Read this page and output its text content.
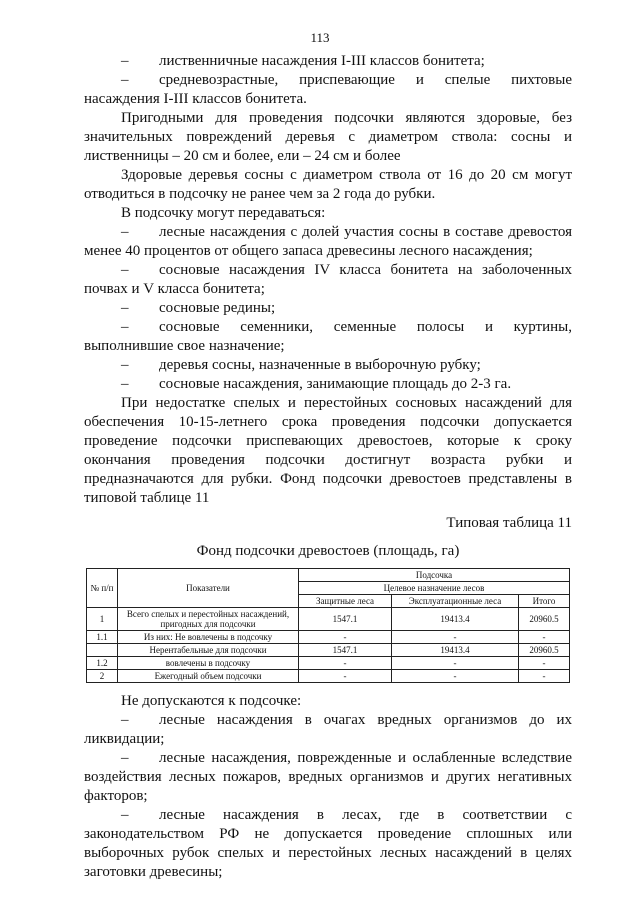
113

– лиственничные насаждения I-III классов бонитета;

– средневозрастные, приспевающие и спелые пихтовые насаждения I-III классов бонитета.

Пригодными для проведения подсочки являются здоровые, без значительных повреждений деревья с диаметром ствола: сосны и лиственницы – 20 см и более, ели – 24 см и более

Здоровые деревья сосны с диаметром ствола от 16 до 20 см могут отводиться в подсочку не ранее чем за 2 года до рубки.

В подсочку могут передаваться:

– лесные насаждения с долей участия сосны в составе древостоя менее 40 процентов от общего запаса древесины лесного насаждения;

– сосновые насаждения IV класса бонитета на заболоченных почвах и V класса бонитета;

– сосновые редины;

– сосновые семенники, семенные полосы и куртины, выполнившие свое назначение;

– деревья сосны, назначенные в выборочную рубку;

– сосновые насаждения, занимающие площадь до 2-3 га.

При недостатке спелых и перестойных сосновых насаждений для обеспечения 10-15-летнего срока проведения подсочки допускается проведение подсочки приспевающих древостоев, которые к сроку окончания проведения подсочки достигнут возраста рубки и предназначаются для рубки. Фонд подсочки древостоев представлены в типовой таблице 11

Типовая таблица 11

Фонд подсочки древостоев (площадь, га)

№ п/п	Показатели	Подсочка		
		Целевое назначение лесов		
		Защитные леса	Эксплуатационные леса	Итого
1	Всего спелых и перестойных насаждений, пригодных для подсочки	1547.1	19413.4	20960.5
1.1	Из них: Не вовлечены в подсочку	-	-	-
	Нерентабельные для подсочки	1547.1	19413.4	20960.5
1.2	вовлечены в подсочку	-	-	-
2	Ежегодный объем подсочки	-	-	-

Не допускаются к подсочке:

– лесные насаждения в очагах вредных организмов до их ликвидации;

– лесные насаждения, поврежденные и ослабленные вследствие воздействия лесных пожаров, вредных организмов и других негативных факторов;

– лесные насаждения в лесах, где в соответствии с законодательством РФ не допускается проведение сплошных или выборочных рубок спелых и перестойных лесных насаждений в целях заготовки древесины;
